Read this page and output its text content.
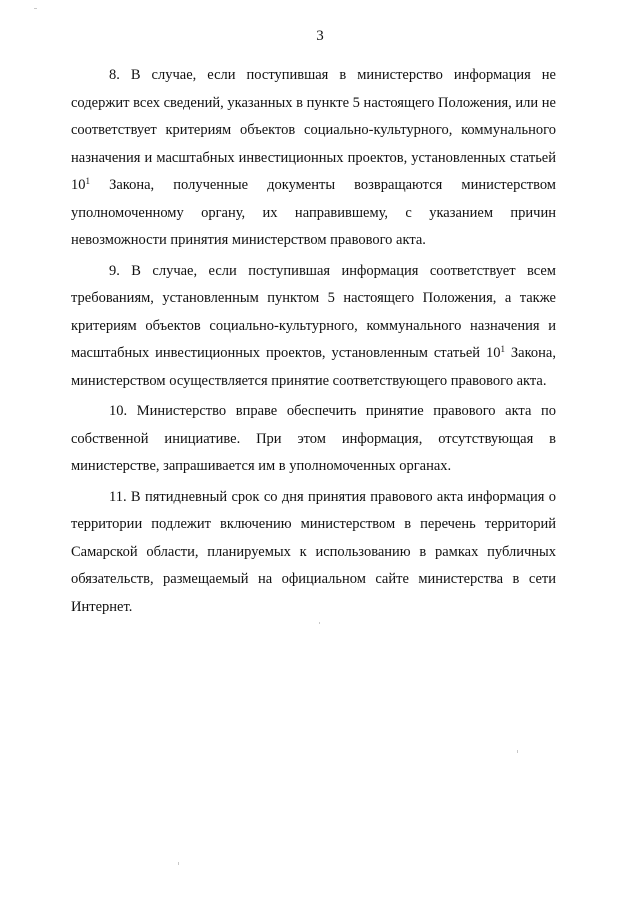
3

8. В случае, если поступившая в министерство информация не содержит всех сведений, указанных в пункте 5 настоящего Положения, или не соответствует критериям объектов социально-культурного, коммунального назначения и масштабных инвестиционных проектов, установленных статьей $10^1$ Закона, полученные документы возвращаются министерством уполномоченному органу, их направившему, с указанием причин невозможности принятия министерством правового акта.

9. В случае, если поступившая информация соответствует всем требованиям, установленным пунктом 5 настоящего Положения, а также критериям объектов социально-культурного, коммунального назначения и масштабных инвестиционных проектов, установленным статьей $10^1$ Закона, министерством осуществляется принятие соответствующего правового акта.

10. Министерство вправе обеспечить принятие правового акта по собственной инициативе. При этом информация, отсутствующая в министерстве, запрашивается им в уполномоченных органах.

11. В пятидневный срок со дня принятия правового акта информация о территории подлежит включению министерством в перечень территорий Самарской области, планируемых к использованию в рамках публичных обязательств, размещаемый на официальном сайте министерства в сети Интернет.
